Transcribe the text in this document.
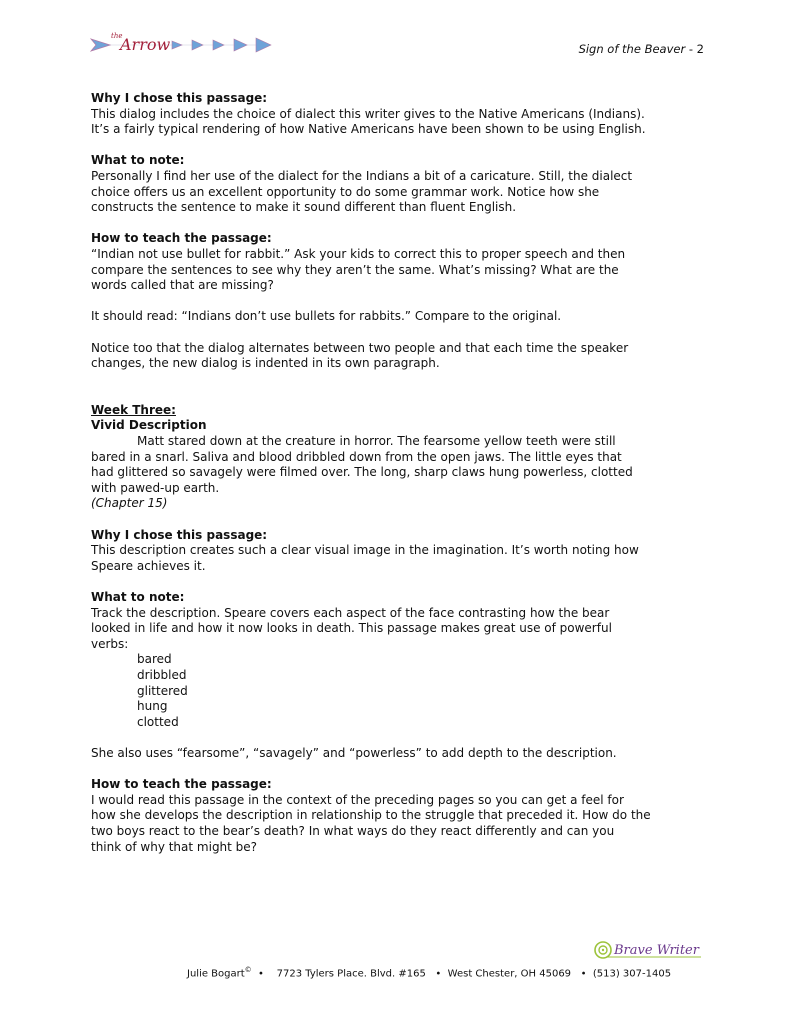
the
Arrow	Sign of the Beaver - 2

Why I chose this passage:

This dialog includes the choice of dialect this writer gives to the Native Americans (Indians).

It’s a fairly typical rendering of how Native Americans have been shown to be using English.

What to note:

Personally I find her use of the dialect for the Indians a bit of a caricature. Still, the dialect

choice offers us an excellent opportunity to do some grammar work. Notice how she

constructs the sentence to make it sound different than fluent English.

How to teach the passage:

“Indian not use bullet for rabbit.” Ask your kids to correct this to proper speech and then

compare the sentences to see why they aren’t the same. What’s missing? What are the

words called that are missing?

It should read: “Indians don’t use bullets for rabbits.” Compare to the original.

Notice too that the dialog alternates between two people and that each time the speaker

changes, the new dialog is indented in its own paragraph.

Week Three:

Vivid Description

Matt stared down at the creature in horror. The fearsome yellow teeth were still

bared in a snarl. Saliva and blood dribbled down from the open jaws. The little eyes that

had glittered so savagely were filmed over. The long, sharp claws hung powerless, clotted

with pawed-up earth.

(Chapter 15)

Why I chose this passage:

This description creates such a clear visual image in the imagination. It’s worth noting how

Speare achieves it.

What to note:

Track the description. Speare covers each aspect of the face contrasting how the bear

looked in life and how it now looks in death. This passage makes great use of powerful

verbs:

bared

dribbled

glittered

hung

clotted

She also uses “fearsome”, “savagely” and “powerless” to add depth to the description.

How to teach the passage:

I would read this passage in the context of the preceding pages so you can get a feel for

how she develops the description in relationship to the struggle that preceded it. How do the

two boys react to the bear’s death? In what ways do they react differently and can you

think of why that might be?

Brave Writer
Julie Bogart© • 7723 Tylers Place. Blvd. #165 • West Chester, OH 45069 • (513) 307-1405
